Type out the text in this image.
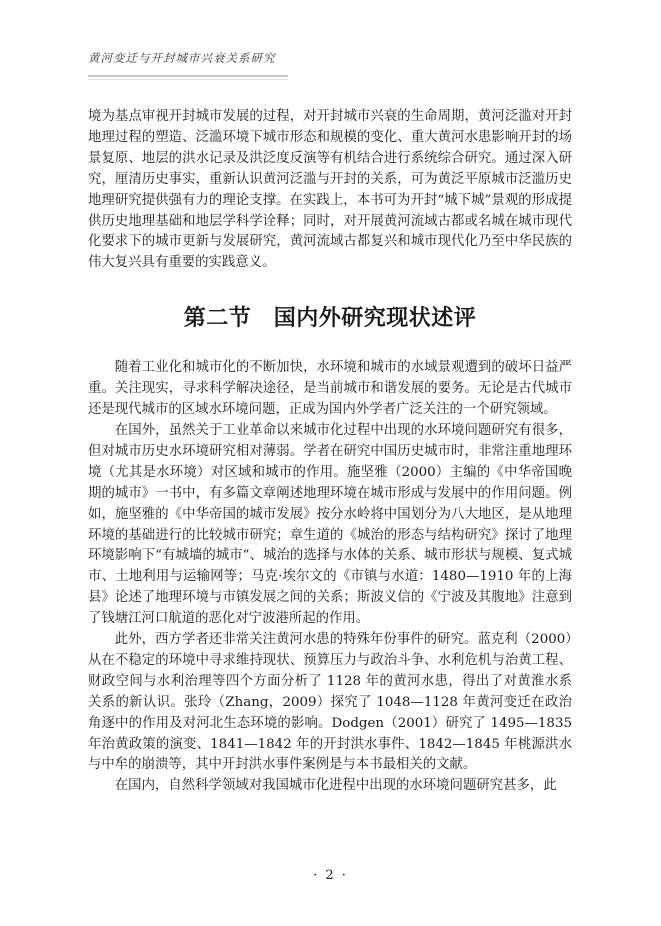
黄河变迁与开封城市兴衰关系研究

境为基点审视开封城市发展的过程，对开封城市兴衰的生命周期，黄河泛滥对开封地理过程的塑造、泛滥环境下城市形态和规模的变化、重大黄河水患影响开封的场景复原、地层的洪水记录及洪泛度反演等有机结合进行系统综合研究。通过深入研究，厘清历史事实，重新认识黄河泛滥与开封的关系，可为黄泛平原城市泛滥历史地理研究提供强有力的理论支撑。在实践上，本书可为开封“城下城”景观的形成提供历史地理基础和地层学科学诠释；同时，对开展黄河流域古都或名城在城市现代化要求下的城市更新与发展研究，黄河流域古都复兴和城市现代化乃至中华民族的伟大复兴具有重要的实践意义。

第二节　国内外研究现状述评

随着工业化和城市化的不断加快，水环境和城市的水域景观遭到的破坏日益严重。关注现实，寻求科学解决途径，是当前城市和谐发展的要务。无论是古代城市还是现代城市的区域水环境问题，正成为国内外学者广泛关注的一个研究领域。

在国外，虽然关于工业革命以来城市化过程中出现的水环境问题研究有很多，但对城市历史水环境研究相对薄弱。学者在研究中国历史城市时，非常注重地理环境（尤其是水环境）对区域和城市的作用。施坚雅（2000）主编的《中华帝国晚期的城市》一书中，有多篇文章阐述地理环境在城市形成与发展中的作用问题。例如，施坚雅的《中华帝国的城市发展》按分水岭将中国划分为八大地区，是从地理环境的基础进行的比较城市研究；章生道的《城治的形态与结构研究》探讨了地理环境影响下“有城墙的城市”、城治的选择与水体的关系、城市形状与规模、复式城市、土地利用与运输网等；马克·埃尔文的《市镇与水道：1480—1910 年的上海县》论述了地理环境与市镇发展之间的关系；斯波义信的《宁波及其腹地》注意到了钱塘江河口航道的恶化对宁波港所起的作用。

此外，西方学者还非常关注黄河水患的特殊年份事件的研究。蓝克利（2000）从在不稳定的环境中寻求维持现状、预算压力与政治斗争、水利危机与治黄工程、财政空间与水利治理等四个方面分析了 1128 年的黄河水患，得出了对黄淮水系关系的新认识。张玲（Zhang，2009）探究了 1048—1128 年黄河变迁在政治角逐中的作用及对河北生态环境的影响。Dodgen（2001）研究了 1495—1835 年治黄政策的演变、1841—1842 年的开封洪水事件、1842—1845 年桃源洪水与中牟的崩溃等，其中开封洪水事件案例是与本书最相关的文献。

在国内，自然科学领域对我国城市化进程中出现的水环境问题研究甚多，此

· 2 ·
